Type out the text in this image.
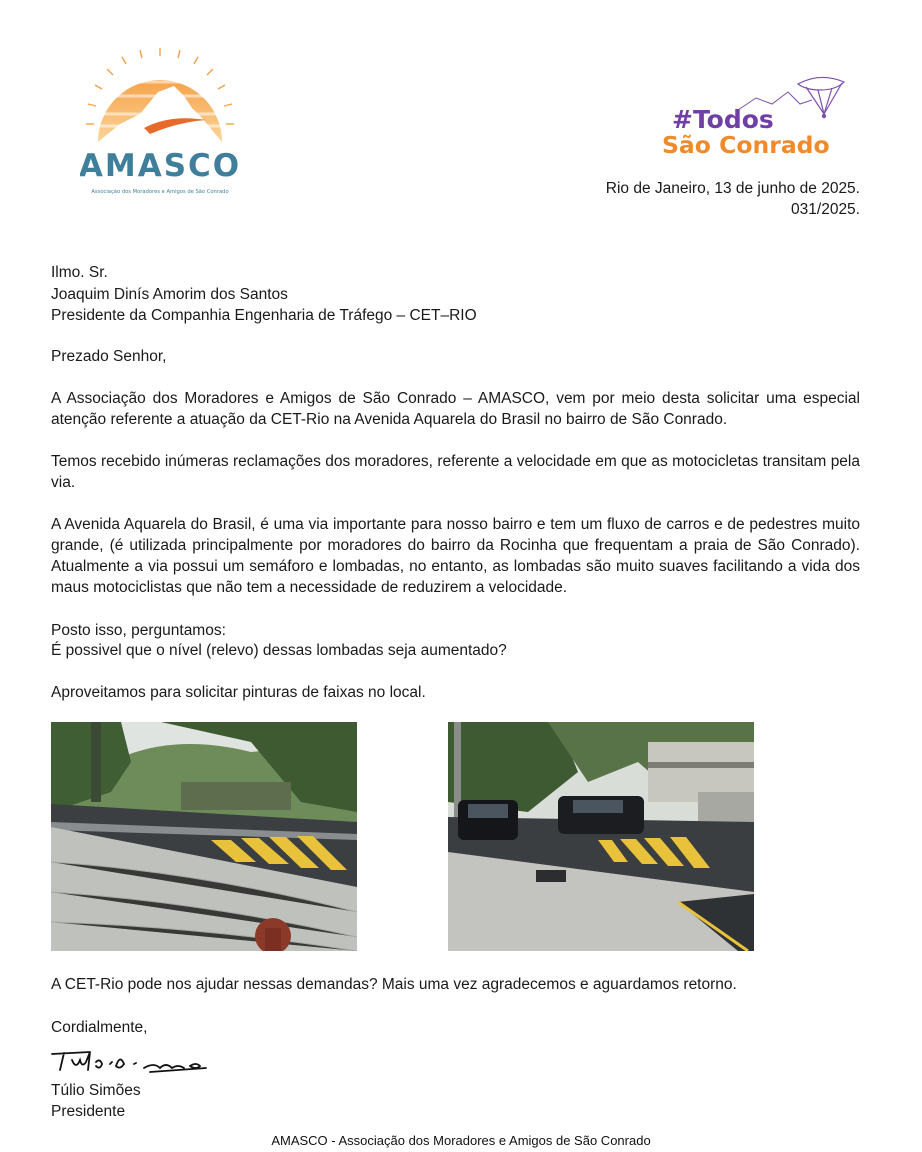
AMASCO
Associação dos Moradores e Amigos de São Conrado
#Todos
São Conrado
Rio de Janeiro, 13 de junho de 2025.
031/2025.
Ilmo. Sr.
Joaquim Dinís Amorim dos Santos
Presidente da Companhia Engenharia de Tráfego – CET–RIO
Prezado Senhor,
A Associação dos Moradores e Amigos de São Conrado – AMASCO, vem por meio desta solicitar uma especial atenção referente a atuação da CET-Rio na Avenida Aquarela do Brasil no bairro de São Conrado.
Temos recebido inúmeras reclamações dos moradores, referente a velocidade em que as motocicletas transitam pela via.
A Avenida Aquarela do Brasil, é uma via importante para nosso bairro e tem um fluxo de carros e de pedestres muito grande, (é utilizada principalmente por moradores do bairro da Rocinha que frequentam a praia de São Conrado). Atualmente a via possui um semáforo e lombadas, no entanto, as lombadas são muito suaves facilitando a vida dos maus motociclistas que não tem a necessidade de reduzirem a velocidade.
Posto isso, perguntamos:
É possivel que o nível (relevo) dessas lombadas seja aumentado?
Aproveitamos para solicitar pinturas de faixas no local.
A CET-Rio pode nos ajudar nessas demandas? Mais uma vez agradecemos e aguardamos retorno.
Cordialmente,
Túlio Simões
Presidente
AMASCO - Associação dos Moradores e Amigos de São Conrado
